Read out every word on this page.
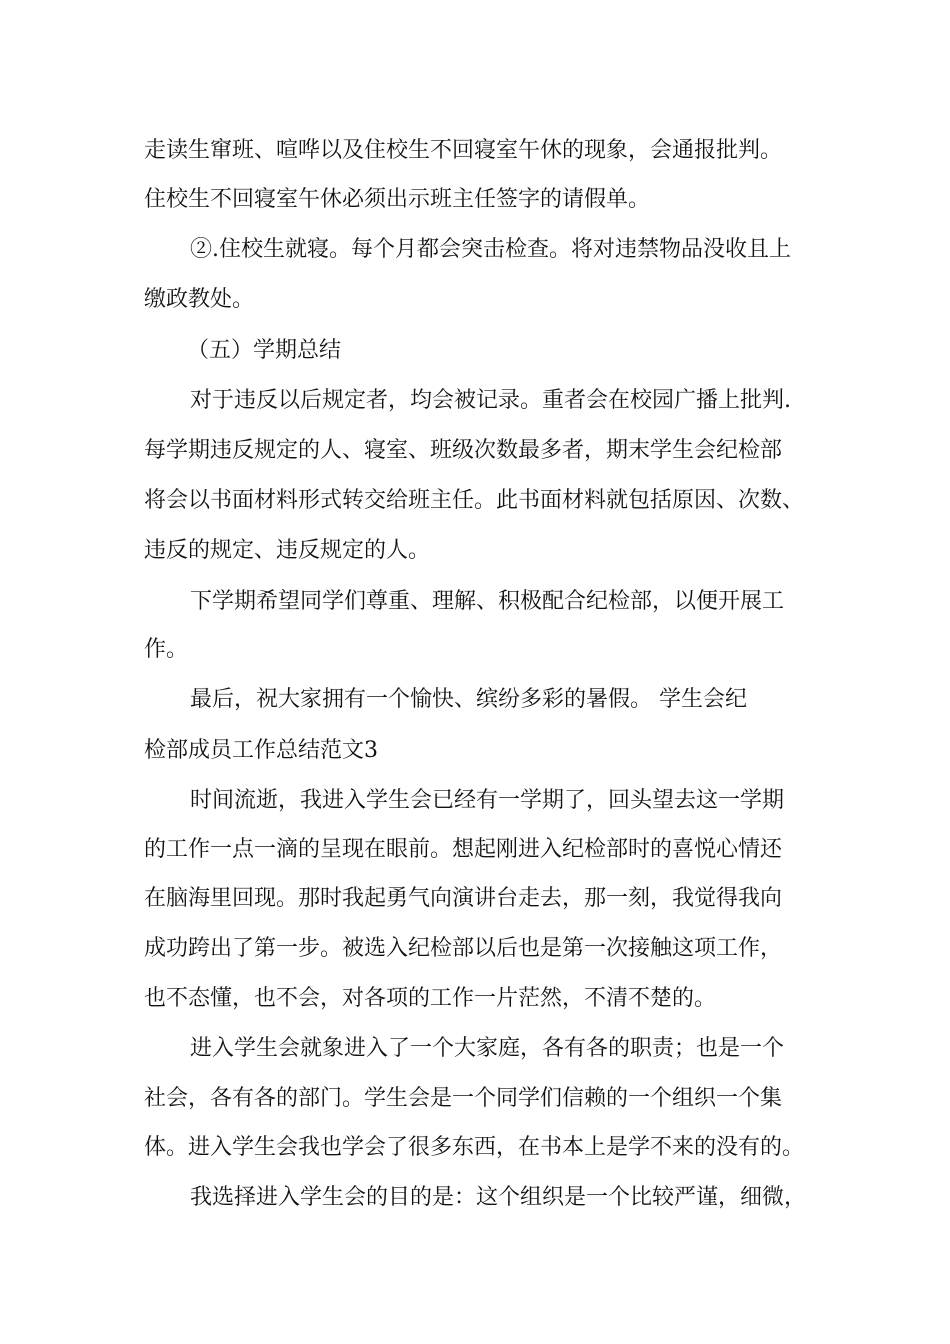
走读生窜班、喧哗以及住校生不回寝室午休的现象，会通报批判。

住校生不回寝室午休必须出示班主任签字的请假单。

②.住校生就寝。每个月都会突击检查。将对违禁物品没收且上

缴政教处。

（五）学期总结

对于违反以后规定者，均会被记录。重者会在校园广播上批判.

每学期违反规定的人、寝室、班级次数最多者，期末学生会纪检部

将会以书面材料形式转交给班主任。此书面材料就包括原因、次数、

违反的规定、违反规定的人。

下学期希望同学们尊重、理解、积极配合纪检部，以便开展工

作。

最后，祝大家拥有一个愉快、缤纷多彩的暑假。 学生会纪

检部成员工作总结范文3

时间流逝，我进入学生会已经有一学期了，回头望去这一学期

的工作一点一滴的呈现在眼前。想起刚进入纪检部时的喜悦心情还

在脑海里回现。那时我起勇气向演讲台走去，那一刻，我觉得我向

成功跨出了第一步。被选入纪检部以后也是第一次接触这项工作，

也不态懂，也不会，对各项的工作一片茫然，不清不楚的。

进入学生会就象进入了一个大家庭，各有各的职责；也是一个

社会，各有各的部门。学生会是一个同学们信赖的一个组织一个集

体。进入学生会我也学会了很多东西，在书本上是学不来的没有的。

我选择进入学生会的目的是：这个组织是一个比较严谨，细微，
